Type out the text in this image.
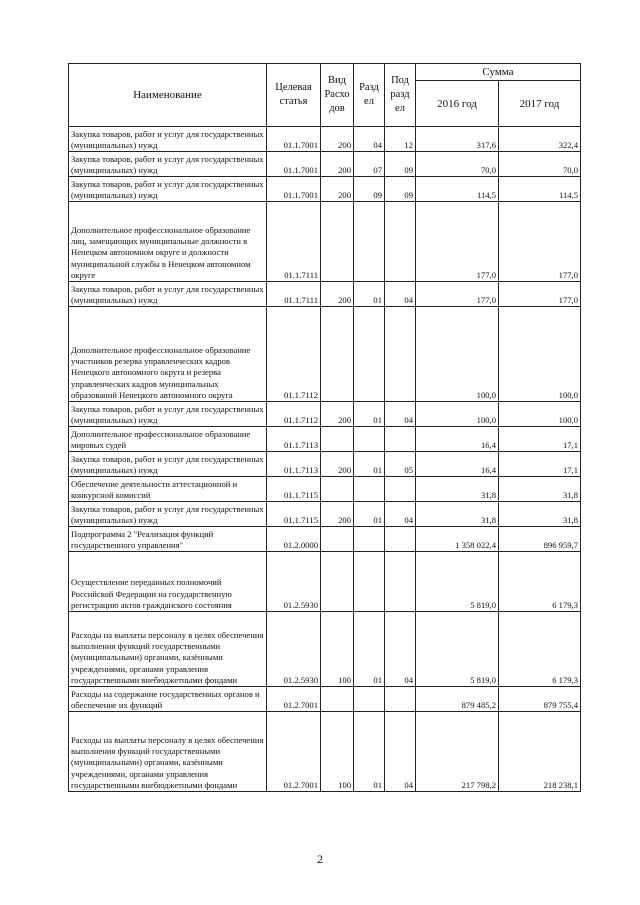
Наименование	Целевая статья	Вид Расхо дов	Разд ел	Под разд ел	Сумма	
					2016 год	2017 год
Закупка товаров, работ и услуг для государственных (муниципальных) нужд	01.1.7001	200	04	12	317,6	322,4
Закупка товаров, работ и услуг для государственных (муниципальных) нужд	01.1.7001	200	07	09	70,0	70,0
Закупка товаров, работ и услуг для государственных (муниципальных) нужд	01.1.7001	200	09	09	114,5	114,5
Дополнительное профессиональное образование лиц, замещающих муниципальные должности в Ненецком автономном округе и должности муниципальной службы в Ненецком автономном округе	01.1.7111				177,0	177,0
Закупка товаров, работ и услуг для государственных (муниципальных) нужд	01.1.7111	200	01	04	177,0	177,0
Дополнительное профессиональное образование участников резерва управленческих кадров Ненецкого автономного округа и резерва управленческих кадров муниципальных образований Ненецкого автономного округа	01.1.7112				100,0	100,0
Закупка товаров, работ и услуг для государственных (муниципальных) нужд	01.1.7112	200	01	04	100,0	100,0
Дополнительное профессиональное образование мировых судей	01.1.7113				16,4	17,1
Закупка товаров, работ и услуг для государственных (муниципальных) нужд	01.1.7113	200	01	05	16,4	17,1
Обеспечение деятельности аттестационной и конкурсной комиссий	01.1.7115				31,8	31,8
Закупка товаров, работ и услуг для государственных (муниципальных) нужд	01.1.7115	200	01	04	31,8	31,8
Подпрограмма 2 "Реализация функций государственного управления"	01.2.0000				1 358 022,4	896 959,7
Осуществление переданных полномочий Российской Федерации на государственную регистрацию актов гражданского состояния	01.2.5930				5 819,0	6 179,3
Расходы на выплаты персоналу в целях обеспечения выполнения функций государственными (муниципальными) органами, казёнными учреждениями, органами управления государственными внебюджетными фондами	01.2.5930	100	01	04	5 819,0	6 179,3
Расходы на содержание государственных органов и обеспечение их функций	01.2.7001				879 485,2	879 755,4
Расходы на выплаты персоналу в целях обеспечения выполнения функций государственными (муниципальными) органами, казёнными учреждениями, органами управления государственными внебюджетными фондами	01.2.7001	100	01	04	217 798,2	218 238,1
2
